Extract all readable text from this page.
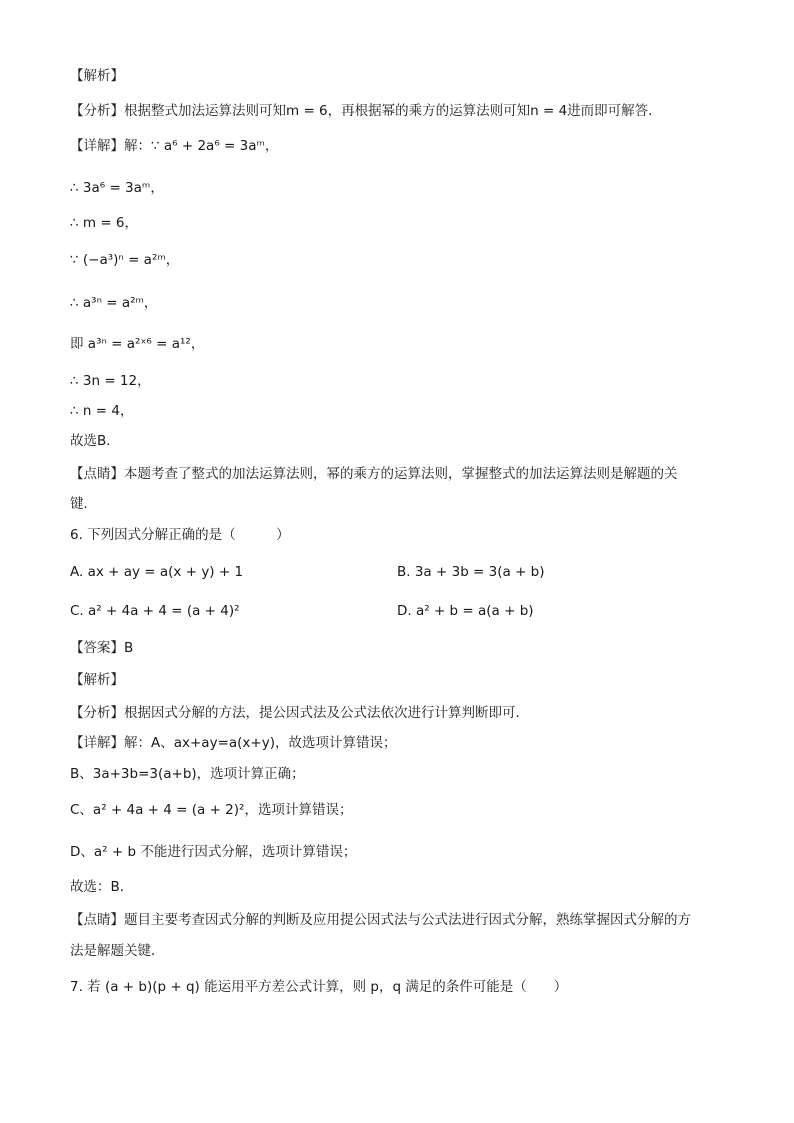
【解析】
【分析】根据整式加法运算法则可知m = 6，再根据幂的乘方的运算法则可知n = 4进而即可解答．
【详解】解：∵ a⁶ + 2a⁶ = 3aᵐ，
∴ 3a⁶ = 3aᵐ，
∴ m = 6，
∵ (−a³)ⁿ = a²ᵐ，
∴ a³ⁿ = a²ᵐ，
即 a³ⁿ = a²ˣ⁶ = a¹²，
∴ 3n = 12，
∴ n = 4，
故选B．
【点睛】本题考查了整式的加法运算法则，幂的乘方的运算法则，掌握整式的加法运算法则是解题的关
键．
6. 下列因式分解正确的是（　　　）
A. ax + ay = a(x + y) + 1	B. 3a + 3b = 3(a + b)
C. a² + 4a + 4 = (a + 4)²	D. a² + b = a(a + b)
【答案】B
【解析】
【分析】根据因式分解的方法，提公因式法及公式法依次进行计算判断即可．
【详解】解：A、ax+ay=a(x+y)，故选项计算错误；
B、3a+3b=3(a+b)，选项计算正确；
C、a² + 4a + 4 = (a + 2)²，选项计算错误；
D、a² + b 不能进行因式分解，选项计算错误；
故选：B．
【点睛】题目主要考查因式分解的判断及应用提公因式法与公式法进行因式分解，熟练掌握因式分解的方
法是解题关键．
7. 若 (a + b)(p + q) 能运用平方差公式计算，则 p，q 满足的条件可能是（　　）
